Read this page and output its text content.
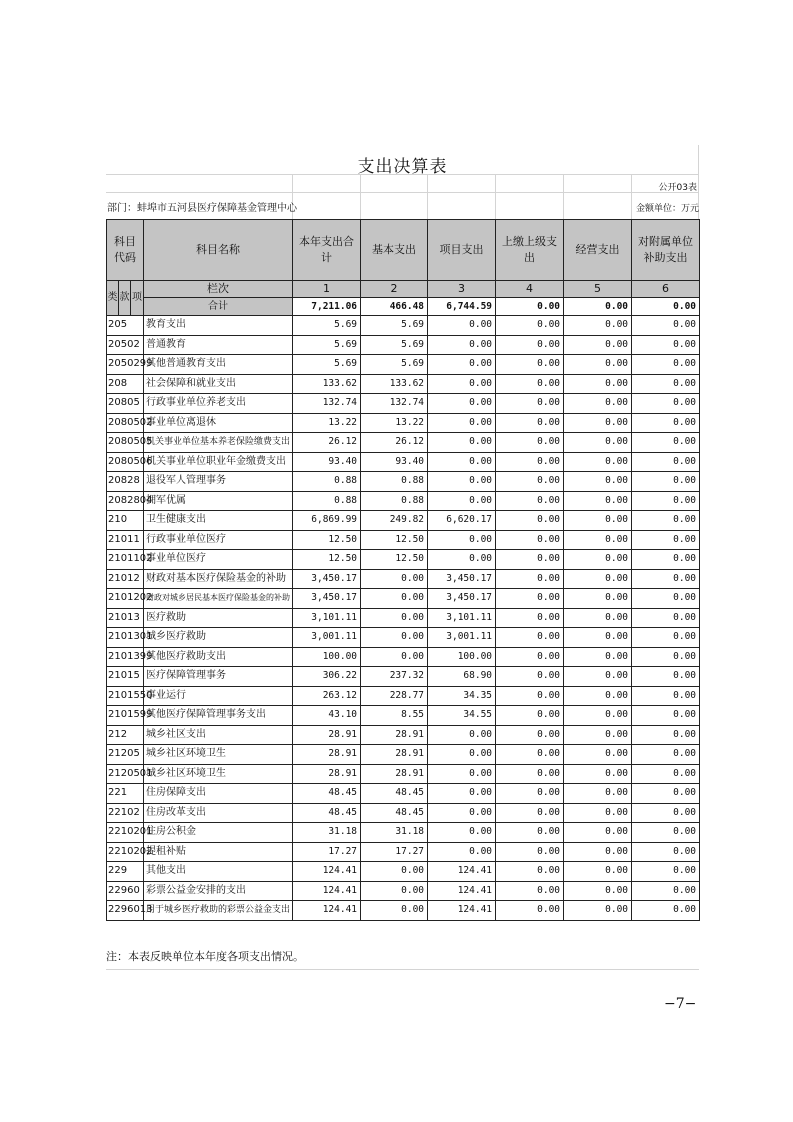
支出决算表
公开03表
部门：蚌埠市五河县医疗保障基金管理中心	金额单位：万元
科目代码			科目名称	本年支出合计	基本支出	项目支出	上缴上级支出	经营支出	对附属单位补助支出
类	款	项	栏次	1	2	3	4	5	6
			合计	7,211.06	466.48	6,744.59	0.00	0.00	0.00
205			教育支出	5.69	5.69	0.00	0.00	0.00	0.00
20502			普通教育	5.69	5.69	0.00	0.00	0.00	0.00
2050299			其他普通教育支出	5.69	5.69	0.00	0.00	0.00	0.00
208			社会保障和就业支出	133.62	133.62	0.00	0.00	0.00	0.00
20805			行政事业单位养老支出	132.74	132.74	0.00	0.00	0.00	0.00
2080502			事业单位离退休	13.22	13.22	0.00	0.00	0.00	0.00
2080505			机关事业单位基本养老保险缴费支出	26.12	26.12	0.00	0.00	0.00	0.00
2080506			机关事业单位职业年金缴费支出	93.40	93.40	0.00	0.00	0.00	0.00
20828			退役军人管理事务	0.88	0.88	0.00	0.00	0.00	0.00
2082804			拥军优属	0.88	0.88	0.00	0.00	0.00	0.00
210			卫生健康支出	6,869.99	249.82	6,620.17	0.00	0.00	0.00
21011			行政事业单位医疗	12.50	12.50	0.00	0.00	0.00	0.00
2101102			事业单位医疗	12.50	12.50	0.00	0.00	0.00	0.00
21012			财政对基本医疗保险基金的补助	3,450.17	0.00	3,450.17	0.00	0.00	0.00
2101202			财政对城乡居民基本医疗保险基金的补助	3,450.17	0.00	3,450.17	0.00	0.00	0.00
21013			医疗救助	3,101.11	0.00	3,101.11	0.00	0.00	0.00
2101301			城乡医疗救助	3,001.11	0.00	3,001.11	0.00	0.00	0.00
2101399			其他医疗救助支出	100.00	0.00	100.00	0.00	0.00	0.00
21015			医疗保障管理事务	306.22	237.32	68.90	0.00	0.00	0.00
2101550			事业运行	263.12	228.77	34.35	0.00	0.00	0.00
2101599			其他医疗保障管理事务支出	43.10	8.55	34.55	0.00	0.00	0.00
212			城乡社区支出	28.91	28.91	0.00	0.00	0.00	0.00
21205			城乡社区环境卫生	28.91	28.91	0.00	0.00	0.00	0.00
2120501			城乡社区环境卫生	28.91	28.91	0.00	0.00	0.00	0.00
221			住房保障支出	48.45	48.45	0.00	0.00	0.00	0.00
22102			住房改革支出	48.45	48.45	0.00	0.00	0.00	0.00
2210201			住房公积金	31.18	31.18	0.00	0.00	0.00	0.00
2210202			提租补贴	17.27	17.27	0.00	0.00	0.00	0.00
229			其他支出	124.41	0.00	124.41	0.00	0.00	0.00
22960			彩票公益金安排的支出	124.41	0.00	124.41	0.00	0.00	0.00
2296013			用于城乡医疗救助的彩票公益金支出	124.41	0.00	124.41	0.00	0.00	0.00
注：本表反映单位本年度各项支出情况。
−7−
